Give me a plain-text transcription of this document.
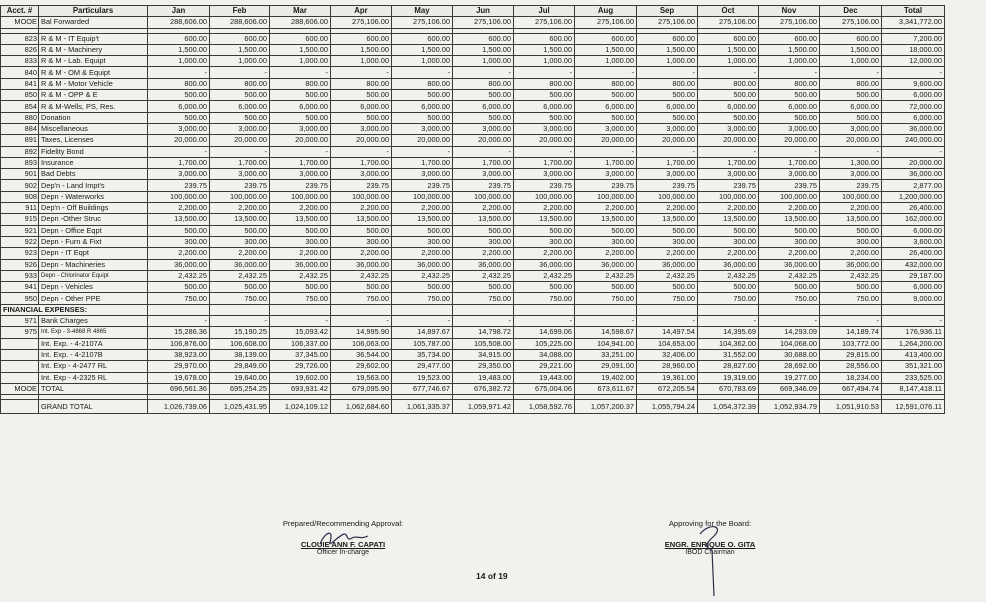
Acct. #	Particulars	Jan	Feb	Mar	Apr	May	Jun	Jul	Aug	Sep	Oct	Nov	Dec	Total
MOOE	Bal Forwarded	288,606.00	288,606.00	288,606.00	275,106.00	275,106.00	275,106.00	275,106.00	275,106.00	275,106.00	275,106.00	275,106.00	275,106.00	3,341,772.00

823	R & M - IT Equip't	600.00	600.00	600.00	600.00	600.00	600.00	600.00	600.00	600.00	600.00	600.00	600.00	7,200.00
826	R & M - Machinery	1,500.00	1,500.00	1,500.00	1,500.00	1,500.00	1,500.00	1,500.00	1,500.00	1,500.00	1,500.00	1,500.00	1,500.00	18,000.00
833	R & M - Lab. Equipt	1,000.00	1,000.00	1,000.00	1,000.00	1,000.00	1,000.00	1,000.00	1,000.00	1,000.00	1,000.00	1,000.00	1,000.00	12,000.00
840	R & M - OM & Equipt	-	-	-	-	-	-	-	-	-	-	-	-	-
841	R & M - Motor Vehicle	800.00	800.00	800.00	800.00	800.00	800.00	800.00	800.00	800.00	800.00	800.00	800.00	9,600.00
850	R & M - OPP & E	500.00	500.00	500.00	500.00	500.00	500.00	500.00	500.00	500.00	500.00	500.00	500.00	6,000.00
854	R & M-Wells, PS, Res.	6,000.00	6,000.00	6,000.00	6,000.00	6,000.00	6,000.00	6,000.00	6,000.00	6,000.00	6,000.00	6,000.00	6,000.00	72,000.00
880	Donation	500.00	500.00	500.00	500.00	500.00	500.00	500.00	500.00	500.00	500.00	500.00	500.00	6,000.00
884	Miscellaneous	3,000.00	3,000.00	3,000.00	3,000.00	3,000.00	3,000.00	3,000.00	3,000.00	3,000.00	3,000.00	3,000.00	3,000.00	36,000.00
891	Taxes, Licenses	20,000.00	20,000.00	20,000.00	20,000.00	20,000.00	20,000.00	20,000.00	20,000.00	20,000.00	20,000.00	20,000.00	20,000.00	240,000.00
892	Fidelity Bond	-	-	-	-	-	-	-	-	-	-	-	-	-
893	Insurance	1,700.00	1,700.00	1,700.00	1,700.00	1,700.00	1,700.00	1,700.00	1,700.00	1,700.00	1,700.00	1,700.00	1,300.00	20,000.00
901	Bad Debts	3,000.00	3,000.00	3,000.00	3,000.00	3,000.00	3,000.00	3,000.00	3,000.00	3,000.00	3,000.00	3,000.00	3,000.00	36,000.00
902	Dep'n - Land Impt's	239.75	239.75	239.75	239.75	239.75	239.75	239.75	239.75	239.75	239.75	239.75	239.75	2,877.00
908	Depn - Waterworks	100,000.00	100,000.00	100,000.00	100,000.00	100,000.00	100,000.00	100,000.00	100,000.00	100,000.00	100,000.00	100,000.00	100,000.00	1,200,000.00
911	Dep'n - Off Buildings	2,200.00	2,200.00	2,200.00	2,200.00	2,200.00	2,200.00	2,200.00	2,200.00	2,200.00	2,200.00	2,200.00	2,200.00	26,400.00
915	Depn -Other Struc	13,500.00	13,500.00	13,500.00	13,500.00	13,500.00	13,500.00	13,500.00	13,500.00	13,500.00	13,500.00	13,500.00	13,500.00	162,000.00
921	Depn - Office Eqpt	500.00	500.00	500.00	500.00	500.00	500.00	500.00	500.00	500.00	500.00	500.00	500.00	6,000.00
922	Depn - Furn & Fixt	300.00	300.00	300.00	300.00	300.00	300.00	300.00	300.00	300.00	300.00	300.00	300.00	3,600.00
923	Depn - IT Eqpt	2,200.00	2,200.00	2,200.00	2,200.00	2,200.00	2,200.00	2,200.00	2,200.00	2,200.00	2,200.00	2,200.00	2,200.00	26,400.00
926	Depn - Machineries	36,000.00	36,000.00	36,000.00	36,000.00	36,000.00	36,000.00	36,000.00	36,000.00	36,000.00	36,000.00	36,000.00	36,000.00	432,000.00
933	Depn - Chlorinator Equipt	2,432.25	2,432.25	2,432.25	2,432.25	2,432.25	2,432.25	2,432.25	2,432.25	2,432.25	2,432.25	2,432.25	2,432.25	29,187.00
941	Depn - Vehicles	500.00	500.00	500.00	500.00	500.00	500.00	500.00	500.00	500.00	500.00	500.00	500.00	6,000.00
950	Depn - Other PPE	750.00	750.00	750.00	750.00	750.00	750.00	750.00	750.00	750.00	750.00	750.00	750.00	9,000.00
FINANCIAL EXPENSES:														
971	Bank Charges	-	-	-	-	-	-	-	-	-	-	-	-	-
975	Int. Exp - 3-4868 R 4865	15,286.36	15,190.25	15,093.42	14,995.90	14,897.67	14,798.72	14,699.06	14,598.67	14,497.54	14,395.69	14,293.09	14,189.74	176,936.11
	Int. Exp. - 4-2107A	106,876.00	106,608.00	106,337.00	106,063.00	105,787.00	105,508.00	105,225.00	104,941.00	104,653.00	104,362.00	104,068.00	103,772.00	1,264,200.00
	Int. Exp. - 4-2107B	38,923.00	38,139.00	37,345.00	36,544.00	35,734.00	34,915.00	34,088.00	33,251.00	32,406.00	31,552.00	30,688.00	29,815.00	413,400.00
	Int. Exp - 4-2477 RL	29,970.00	29,849.00	29,726.00	29,602.00	29,477.00	29,350.00	29,221.00	29,091.00	28,960.00	28,827.00	28,692.00	28,556.00	351,321.00
	Int. Exp - 4-2325 RL	19,678.00	19,640.00	19,602.00	19,563.00	19,523.00	19,483.00	19,443.00	19,402.00	19,361.00	19,319.00	19,277.00	18,234.00	233,525.00
MOOE	TOTAL	696,561.36	695,254.25	693,931.42	679,095.90	677,746.67	676,382.72	675,004.06	673,611.67	672,205.54	670,783.69	669,346.09	667,494.74	8,147,418.11

	GRAND TOTAL	1,026,739.06	1,025,431.95	1,024,109.12	1,062,684.60	1,061,335.37	1,059,971.42	1,058,592.76	1,057,200.37	1,055,794.24	1,054,372.39	1,052,934.79	1,051,910.53	12,591,076.11
Prepared/Recommending Approval:
CLOUIE ANN F. CAPATI
Officer In-charge
Approving for the Board:
ENGR. ENRIQUE O. GITA
IBOD Chairman
14 of 19
